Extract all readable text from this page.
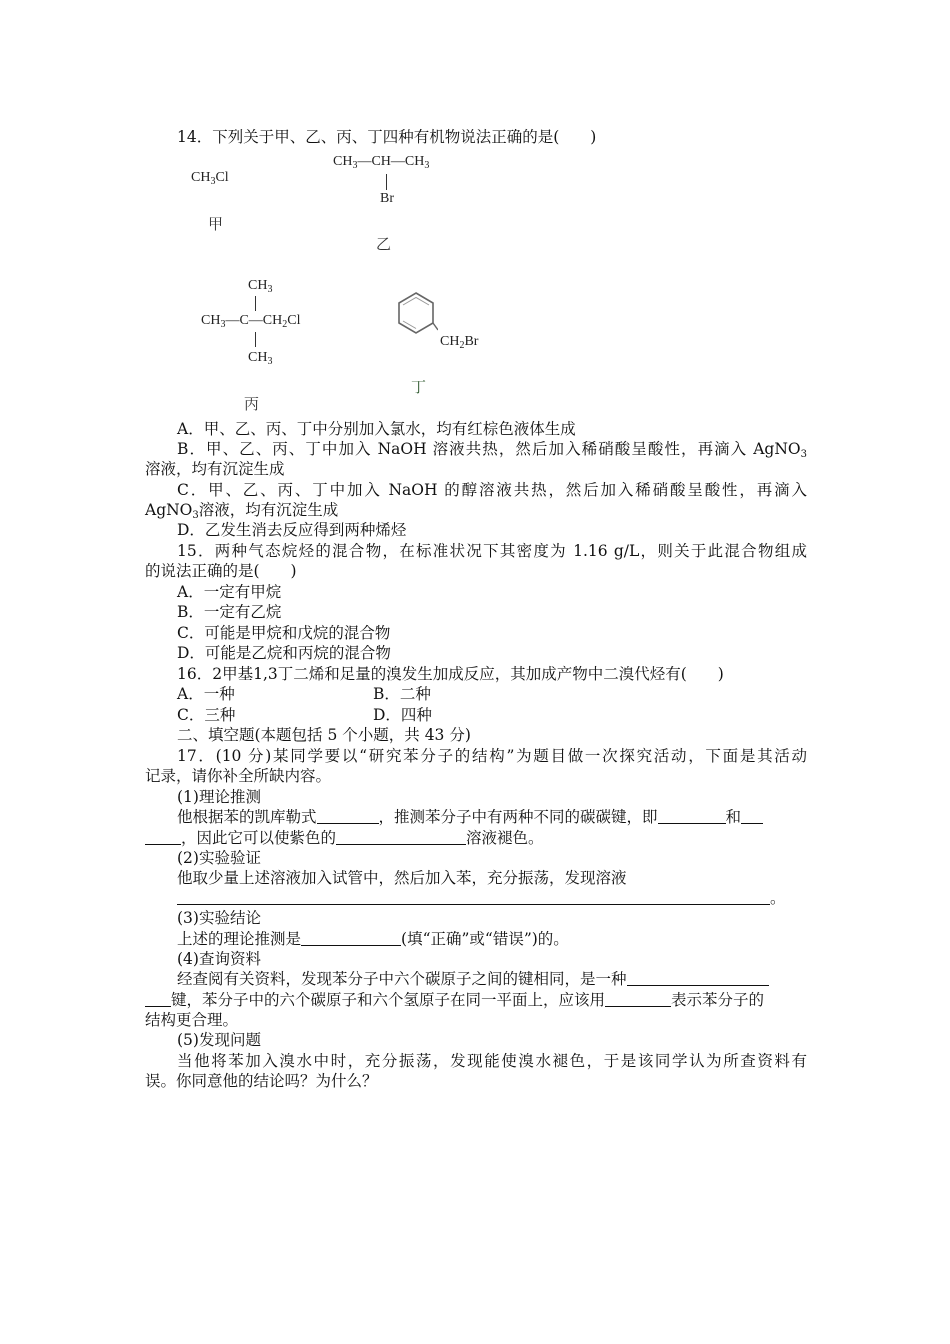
14．下列关于甲、乙、丙、丁四种有机物说法正确的是(　　)
$CH_3Cl$
甲
$CH_3—CH—CH_3$
Br
乙
$CH_3$
$CH_3—C—CH_2Cl$
$CH_3$
丙
$CH_2Br$
丁
A．甲、乙、丙、丁中分别加入氯水，均有红棕色液体生成
B．甲、乙、丙、丁中加入 NaOH 溶液共热，然后加入稀硝酸呈酸性，再滴入 AgNO$_3$
溶液，均有沉淀生成
C．甲、乙、丙、丁中加入 NaOH 的醇溶液共热，然后加入稀硝酸呈酸性，再滴入
AgNO$_3$溶液，均有沉淀生成
D．乙发生消去反应得到两种烯烃
15．两种气态烷烃的混合物，在标准状况下其密度为 1.16 g/L，则关于此混合物组成
的说法正确的是(　　)
A．一定有甲烷
B．一定有乙烷
C．可能是甲烷和戊烷的混合物
D．可能是乙烷和丙烷的混合物
16．2甲基1,3丁二烯和足量的溴发生加成反应，其加成产物中二溴代烃有(　　)
A．一种	B．二种
C．三种	D．四种
二、填空题(本题包括 5 个小题，共 43 分)
17．(10 分)某同学要以“研究苯分子的结构”为题目做一次探究活动，下面是其活动
记录，请你补全所缺内容。
(1)理论推测
他根据苯的凯库勒式	，推测苯分子中有两种不同的碳碳键，即	和
，因此它可以使紫色的	溶液褪色。
(2)实验验证
他取少量上述溶液加入试管中，然后加入苯，充分振荡，发现溶液
。
(3)实验结论
上述的理论推测是	(填“正确”或“错误”)的。
(4)查询资料
经查阅有关资料，发现苯分子中六个碳原子之间的键相同，是一种
键，苯分子中的六个碳原子和六个氢原子在同一平面上，应该用	表示苯分子的
结构更合理。
(5)发现问题
当他将苯加入溴水中时，充分振荡，发现能使溴水褪色，于是该同学认为所查资料有
误。你同意他的结论吗？为什么？
